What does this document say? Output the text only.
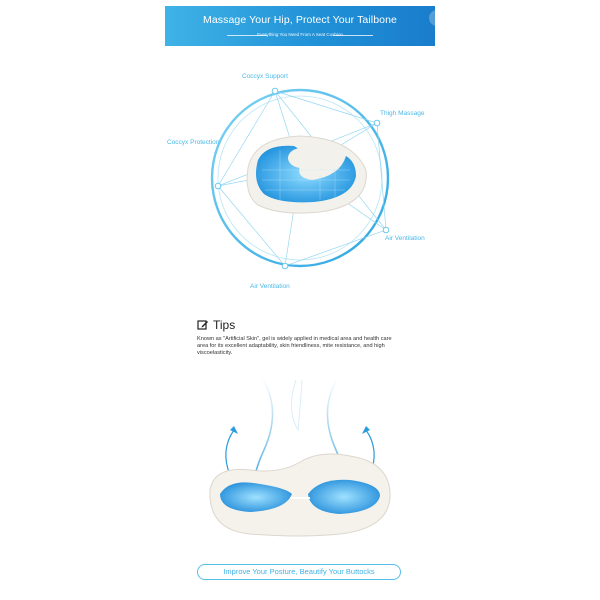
Massage Your Hip, Protect Your Tailbone
Everything You Need From A Seat Cushion
Coccyx Support
Thigh Massage
Coccyx Protection
Air Ventilation
Air Ventilation
Tips
Known as "Artificial Skin", gel is widely applied in medical area and health care area for its excellent adaptability, skin friendliness, mite resistance, and high viscoelasticity.
Improve Your Posture, Beautify Your Buttocks
